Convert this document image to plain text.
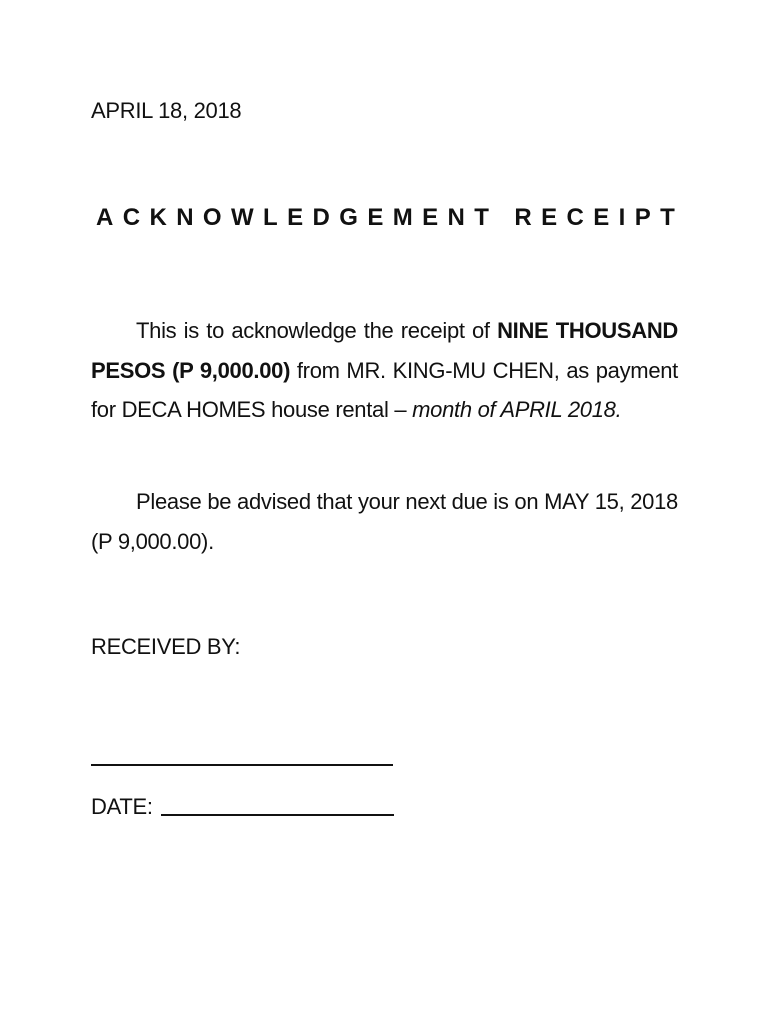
APRIL 18, 2018
ACKNOWLEDGEMENT RECEIPT
This is to acknowledge the receipt of NINE THOUSAND PESOS (P 9,000.00) from MR. KING-MU CHEN, as payment for DECA HOMES house rental – month of APRIL 2018.
Please be advised that your next due is on MAY 15, 2018 (P 9,000.00).
RECEIVED BY:
DATE:
